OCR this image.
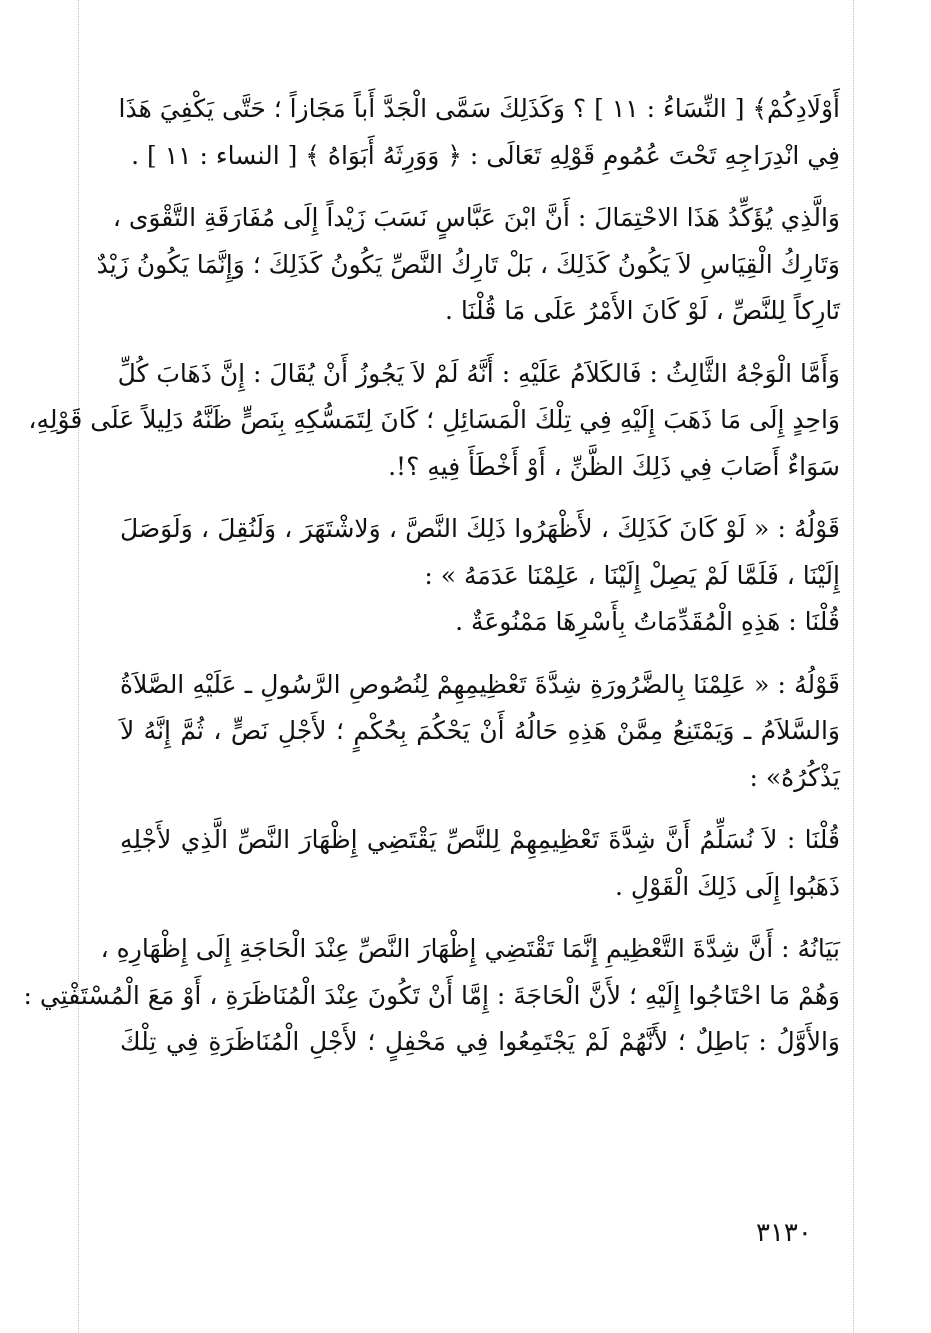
أَوْلَادِكُمْ﴾ [ النِّسَاءُ : ١١ ] ؟ وَكَذَلِكَ سَمَّى الْجَدَّ أَباً مَجَازاً ؛ حَتَّى يَكْفِيَ هَذَا
فِي انْدِرَاجِهِ تَحْتَ عُمُومِ قَوْلِهِ تَعَالَى : ﴿ وَوَرِثَهُ أَبَوَاهُ ﴾ [ النساء : ١١ ] .

وَالَّذِي يُؤَكِّدُ هَذَا الاحْتِمَالَ : أَنَّ ابْنَ عَبَّاسٍ نَسَبَ زَيْداً إِلَى مُفَارَقَةِ التَّقْوَى ،
وَتَارِكُ الْقِيَاسِ لاَ يَكُونُ كَذَلِكَ ، بَلْ تَارِكُ النَّصِّ يَكُونُ كَذَلِكَ ؛ وَإِنَّمَا يَكُونُ زَيْدٌ
تَارِكاً لِلنَّصِّ ، لَوْ كَانَ الأَمْرُ عَلَى مَا قُلْنَا .

وَأَمَّا الْوَجْهُ الثَّالِثُ : فَالكَلاَمُ عَلَيْهِ : أَنَّهُ لَمْ لاَ يَجُوزُ أَنْ يُقَالَ : إِنَّ ذَهَابَ كُلِّ
وَاحِدٍ إِلَى مَا ذَهَبَ إِلَيْهِ فِي تِلْكَ الْمَسَائِلِ ؛ كَانَ لِتَمَسُّكِهِ بِنَصٍّ ظَنَّهُ دَلِيلاً عَلَى قَوْلِهِ،
سَوَاءٌ أَصَابَ فِي ذَلِكَ الظَّنِّ ، أَوْ أَخْطَأَ فِيهِ ؟!.

قَوْلُهُ : « لَوْ كَانَ كَذَلِكَ ، لأَظْهَرُوا ذَلِكَ النَّصَّ ، وَلاشْتَهَرَ ، وَلَنُقِلَ ، وَلَوَصَلَ
إِلَيْنَا ، فَلَمَّا لَمْ يَصِلْ إِلَيْنَا ، عَلِمْنَا عَدَمَهُ » :

قُلْنَا : هَذِهِ الْمُقَدِّمَاتُ بِأَسْرِهَا مَمْنُوعَةٌ .

قَوْلُهُ : « عَلِمْنَا بِالضَّرُورَةِ شِدَّةَ تَعْظِيمِهِمْ لِنُصُوصِ الرَّسُولِ ـ عَلَيْهِ الصَّلاَةُ
وَالسَّلاَمُ ـ وَيَمْتَنِعُ مِمَّنْ هَذِهِ حَالُهُ أَنْ يَحْكُمَ بِحُكْمٍ ؛ لأَجْلِ نَصٍّ ، ثُمَّ إِنَّهُ لاَ
يَذْكُرُهُ» :

قُلْنَا : لاَ نُسَلِّمُ أَنَّ شِدَّةَ تَعْظِيمِهِمْ لِلنَّصِّ يَقْتَضِي إِظْهَارَ النَّصِّ الَّذِي لأَجْلِهِ
ذَهَبُوا إِلَى ذَلِكَ الْقَوْلِ .

بَيَانُهُ : أَنَّ شِدَّةَ التَّعْظِيمِ إِنَّمَا تَقْتَضِي إِظْهَارَ النَّصِّ عِنْدَ الْحَاجَةِ إِلَى إِظْهَارِهِ ،
وَهُمْ مَا احْتَاجُوا إِلَيْهِ ؛ لأَنَّ الْحَاجَةَ : إِمَّا أَنْ تَكُونَ عِنْدَ الْمُنَاظَرَةِ ، أَوْ مَعَ الْمُسْتَفْتِي :

وَالأَوَّلُ : بَاطِلٌ ؛ لأَنَّهُمْ لَمْ يَجْتَمِعُوا فِي مَحْفِلٍ ؛ لأَجْلِ الْمُنَاظَرَةِ فِي تِلْكَ

٣١٣٠
